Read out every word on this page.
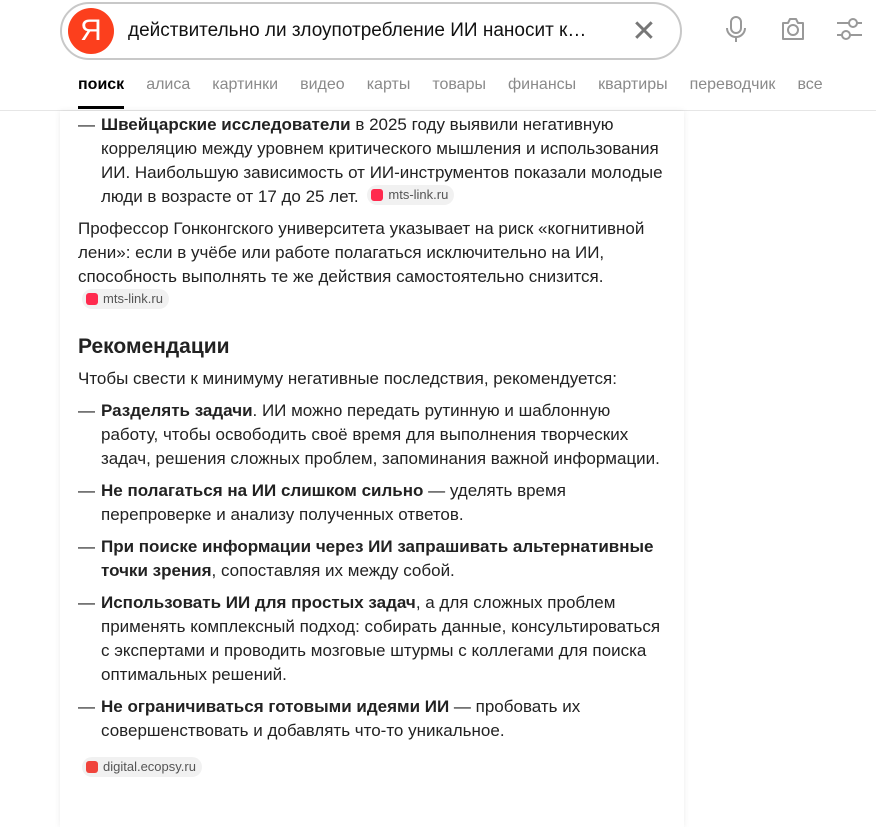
Я	действительно ли злоупотребление ИИ наносит к…	✕
поиск алиса картинки видео карты товары финансы квартиры переводчик все
— Швейцарские исследователи в 2025 году выявили негативную корреляцию между уровнем критического мышления и использования ИИ. Наибольшую зависимость от ИИ-инструментов показали молодые люди в возрасте от 17 до 25 лет. mts-link.ru

Профессор Гонконгского университета указывает на риск «когнитивной лени»: если в учёбе или работе полагаться исключительно на ИИ, способность выполнять те же действия самостоятельно снизится.
mts-link.ru

Рекомендации

Чтобы свести к минимуму негативные последствия, рекомендуется:

— Разделять задачи. ИИ можно передать рутинную и шаблонную работу, чтобы освободить своё время для выполнения творческих задач, решения сложных проблем, запоминания важной информации.
— Не полагаться на ИИ слишком сильно — уделять время перепроверке и анализу полученных ответов.
— При поиске информации через ИИ запрашивать альтернативные точки зрения, сопоставляя их между собой.
— Использовать ИИ для простых задач, а для сложных проблем применять комплексный подход: собирать данные, консультироваться с экспертами и проводить мозговые штурмы с коллегами для поиска оптимальных решений.
— Не ограничиваться готовыми идеями ИИ — пробовать их совершенствовать и добавлять что-то уникальное.
digital.ecopsy.ru
